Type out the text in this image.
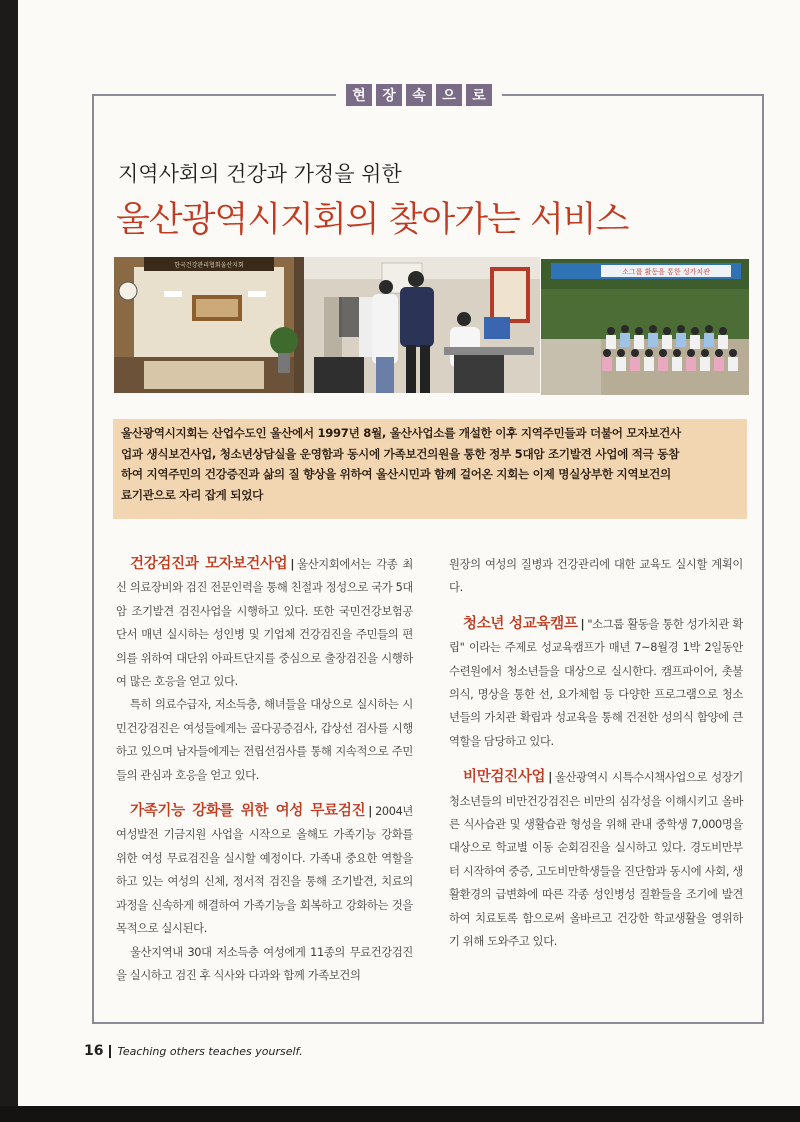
현	장	속	으	로
지역사회의 건강과 가정을 위한
울산광역시지회의 찾아가는 서비스
한국건강관리협회울산지회
소그룹 활동을 통한 성가치관
울산광역시지회는 산업수도인 울산에서 1997년 8월, 울산사업소를 개설한 이후 지역주민들과 더불어 모자보건사
업과 생식보건사업, 청소년상담실을 운영함과 동시에 가족보건의원을 통한 정부 5대암 조기발견 사업에 적극 동참
하여 지역주민의 건강증진과 삶의 질 향상을 위하여 울산시민과 함께 걸어온 지회는 이제 명실상부한 지역보건의
료기관으로 자리 잡게 되었다

건강검진과 모자보건사업 | 울산지회에서는 각종 최신 의료장비와 검진 전문인력을 통해 친절과 정성으로 국가 5대암 조기발견 검진사업을 시행하고 있다. 또한 국민건강보험공단서 매년 실시하는 성인병 및 기업체 건강검진을 주민들의 편의를 위하여 대단위 아파트단지를 중심으로 출장검진을 시행하여 많은 호응을 얻고 있다.

특히 의료수급자, 저소득층, 해녀들을 대상으로 실시하는 시민건강검진은 여성들에게는 골다공증검사, 갑상선 검사를 시행하고 있으며 남자들에게는 전립선검사를 통해 지속적으로 주민들의 관심과 호응을 얻고 있다.

가족기능 강화를 위한 여성 무료검진 | 2004년 여성발전 기금지원 사업을 시작으로 올해도 가족기능 강화를 위한 여성 무료검진을 실시할 예정이다. 가족내 중요한 역할을 하고 있는 여성의 신체, 정서적 검진을 통해 조기발견, 치료의 과정을 신속하게 해결하여 가족기능을 회복하고 강화하는 것을 목적으로 실시된다.

울산지역내 30대 저소득층 여성에게 11종의 무료건강검진을 실시하고 검진 후 식사와 다과와 함께 가족보건의

원장의 여성의 질병과 건강관리에 대한 교육도 실시할 계획이다.

청소년 성교육캠프 | "소그룹 활동을 통한 성가치관 확립" 이라는 주제로 성교육캠프가 매년 7~8월경 1박 2일동안 수련원에서 청소년들을 대상으로 실시한다. 캠프파이어, 촛불의식, 명상을 통한 선, 요가체험 등 다양한 프로그램으로 청소년들의 가치관 확립과 성교육을 통해 건전한 성의식 함양에 큰 역할을 담당하고 있다.

비만검진사업 | 울산광역시 시특수시책사업으로 성장기 청소년들의 비만건강검진은 비만의 심각성을 이해시키고 올바른 식사습관 및 생활습관 형성을 위해 관내 중학생 7,000명을 대상으로 학교별 이동 순회검진을 실시하고 있다. 경도비만부터 시작하여 중증, 고도비만학생들을 진단함과 동시에 사회, 생활환경의 급변화에 따른 각종 성인병성 질환들을 조기에 발견하여 치료토록 함으로써 올바르고 건강한 학교생활을 영위하기 위해 도와주고 있다.

16 Teaching others teaches yourself.
